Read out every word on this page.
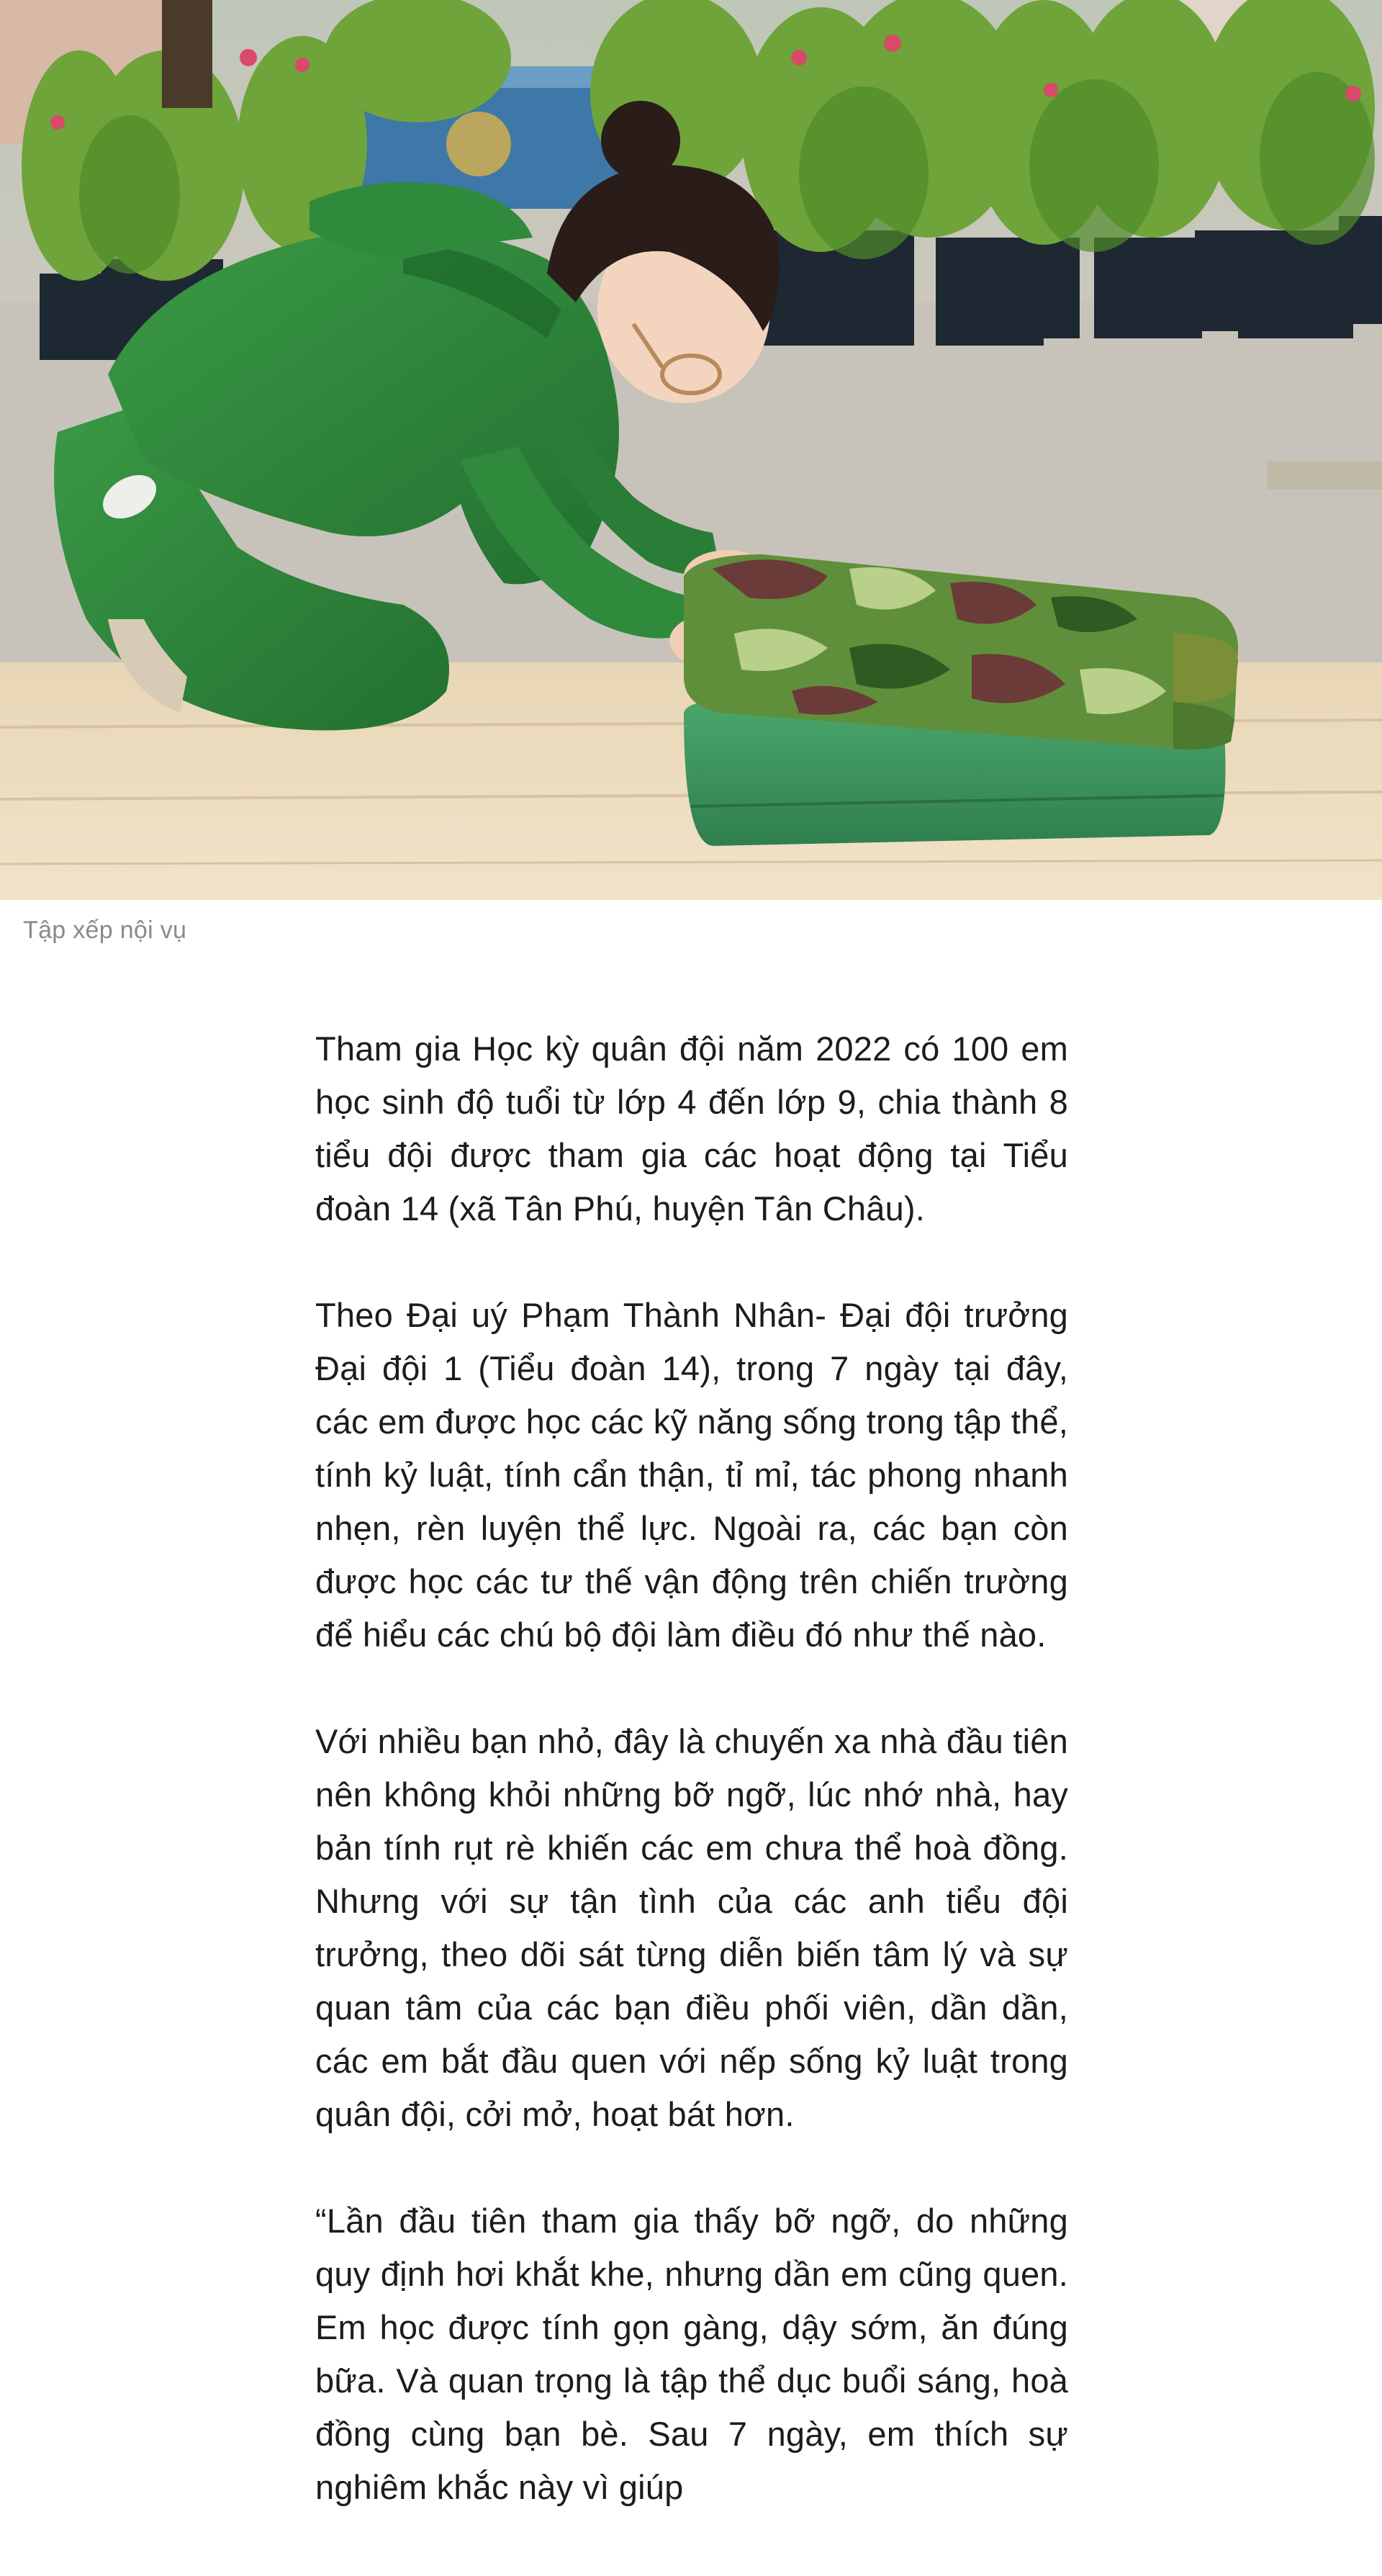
Tập xếp nội vụ

Tham gia Học kỳ quân đội năm 2022 có 100 em học sinh độ tuổi từ lớp 4 đến lớp 9, chia thành 8 tiểu đội được tham gia các hoạt động tại Tiểu đoàn 14 (xã Tân Phú, huyện Tân Châu).

Theo Đại uý Phạm Thành Nhân- Đại đội trưởng Đại đội 1 (Tiểu đoàn 14), trong 7 ngày tại đây, các em được học các kỹ năng sống trong tập thể, tính kỷ luật, tính cẩn thận, tỉ mỉ, tác phong nhanh nhẹn, rèn luyện thể lực. Ngoài ra, các bạn còn được học các tư thế vận động trên chiến trường để hiểu các chú bộ đội làm điều đó như thế nào.

Với nhiều bạn nhỏ, đây là chuyến xa nhà đầu tiên nên không khỏi những bỡ ngỡ, lúc nhớ nhà, hay bản tính rụt rè khiến các em chưa thể hoà đồng. Nhưng với sự tận tình của các anh tiểu đội trưởng, theo dõi sát từng diễn biến tâm lý và sự quan tâm của các bạn điều phối viên, dần dần, các em bắt đầu quen với nếp sống kỷ luật trong quân đội, cởi mở, hoạt bát hơn.

“Lần đầu tiên tham gia thấy bỡ ngỡ, do những quy định hơi khắt khe, nhưng dần em cũng quen. Em học được tính gọn gàng, dậy sớm, ăn đúng bữa. Và quan trọng là tập thể dục buổi sáng, hoà đồng cùng bạn bè. Sau 7 ngày, em thích sự nghiêm khắc này vì giúp
